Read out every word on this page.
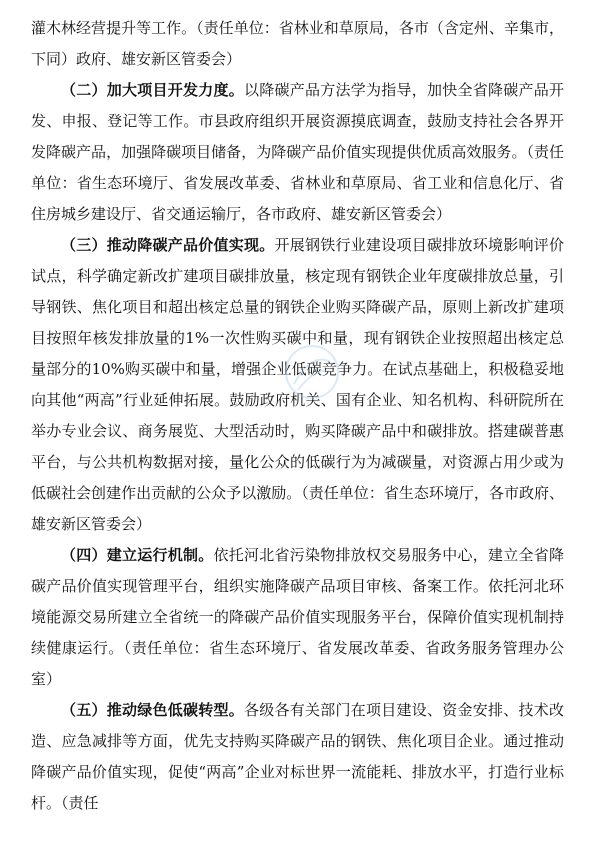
灌木林经营提升等工作。（责任单位：省林业和草原局，各市（含定州、辛集市，下同）政府、雄安新区管委会）

（二）加大项目开发力度。以降碳产品方法学为指导，加快全省降碳产品开发、申报、登记等工作。市县政府组织开展资源摸底调查，鼓励支持社会各界开发降碳产品，加强降碳项目储备，为降碳产品价值实现提供优质高效服务。（责任单位：省生态环境厅、省发展改革委、省林业和草原局、省工业和信息化厅、省住房城乡建设厅、省交通运输厅，各市政府、雄安新区管委会）

（三）推动降碳产品价值实现。开展钢铁行业建设项目碳排放环境影响评价试点，科学确定新改扩建项目碳排放量，核定现有钢铁企业年度碳排放总量，引导钢铁、焦化项目和超出核定总量的钢铁企业购买降碳产品，原则上新改扩建项目按照年核发排放量的1%一次性购买碳中和量，现有钢铁企业按照超出核定总量部分的10%购买碳中和量，增强企业低碳竞争力。在试点基础上，积极稳妥地向其他“两高”行业延伸拓展。鼓励政府机关、国有企业、知名机构、科研院所在举办专业会议、商务展览、大型活动时，购买降碳产品中和碳排放。搭建碳普惠平台，与公共机构数据对接，量化公众的低碳行为为减碳量，对资源占用少或为低碳社会创建作出贡献的公众予以激励。（责任单位：省生态环境厅，各市政府、雄安新区管委会）

（四）建立运行机制。依托河北省污染物排放权交易服务中心，建立全省降碳产品价值实现管理平台，组织实施降碳产品项目审核、备案工作。依托河北环境能源交易所建立全省统一的降碳产品价值实现服务平台，保障价值实现机制持续健康运行。（责任单位：省生态环境厅、省发展改革委、省政务服务管理办公室）

（五）推动绿色低碳转型。各级各有关部门在项目建设、资金安排、技术改造、应急减排等方面，优先支持购买降碳产品的钢铁、焦化项目企业。通过推动降碳产品价值实现，促使“两高”企业对标世界一流能耗、排放水平，打造行业标杆。（责任
